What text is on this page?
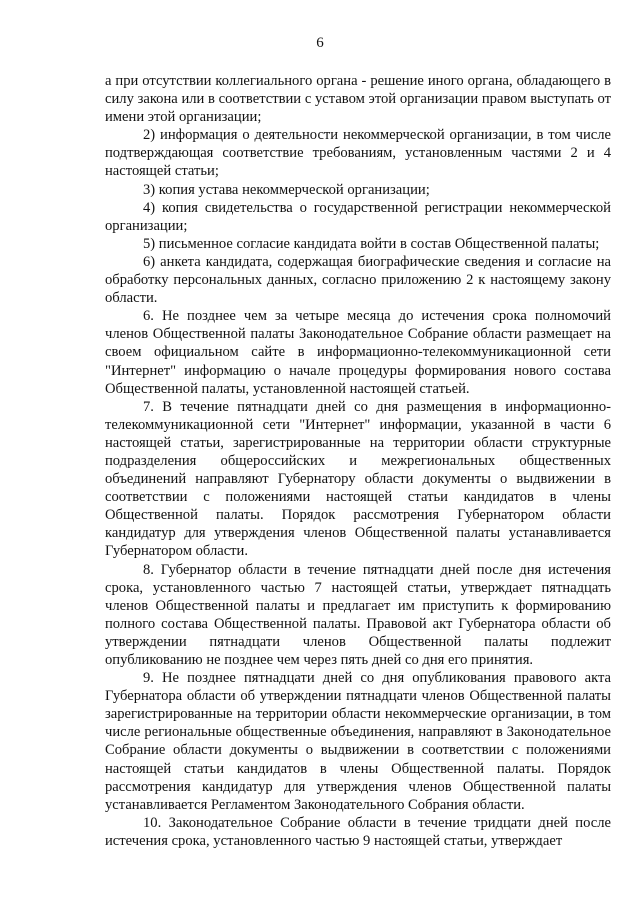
6

а при отсутствии коллегиального органа - решение иного органа, обладающего в силу закона или в соответствии с уставом этой организации правом выступать от имени этой организации;

2) информация о деятельности некоммерческой организации, в том числе подтверждающая соответствие требованиям, установленным частями 2 и 4 настоящей статьи;

3) копия устава некоммерческой организации;

4) копия свидетельства о государственной регистрации некоммерческой организации;

5) письменное согласие кандидата войти в состав Общественной палаты;

6) анкета кандидата, содержащая биографические сведения и согласие на обработку персональных данных, согласно приложению 2 к настоящему закону области.

6. Не позднее чем за четыре месяца до истечения срока полномочий членов Общественной палаты Законодательное Собрание области размещает на своем официальном сайте в информационно-телекоммуникационной сети "Интернет" информацию о начале процедуры формирования нового состава Общественной палаты, установленной настоящей статьей.

7. В течение пятнадцати дней со дня размещения в информационно-телекоммуникационной сети "Интернет" информации, указанной в части 6 настоящей статьи, зарегистрированные на территории области структурные подразделения общероссийских и межрегиональных общественных объединений направляют Губернатору области документы о выдвижении в соответствии с положениями настоящей статьи кандидатов в члены Общественной палаты. Порядок рассмотрения Губернатором области кандидатур для утверждения членов Общественной палаты устанавливается Губернатором области.

8. Губернатор области в течение пятнадцати дней после дня истечения срока, установленного частью 7 настоящей статьи, утверждает пятнадцать членов Общественной палаты и предлагает им приступить к формированию полного состава Общественной палаты. Правовой акт Губернатора области об утверждении пятнадцати членов Общественной палаты подлежит опубликованию не позднее чем через пять дней со дня его принятия.

9. Не позднее пятнадцати дней со дня опубликования правового акта Губернатора области об утверждении пятнадцати членов Общественной палаты зарегистрированные на территории области некоммерческие организации, в том числе региональные общественные объединения, направляют в Законодательное Собрание области документы о выдвижении в соответствии с положениями настоящей статьи кандидатов в члены Общественной палаты. Порядок рассмотрения кандидатур для утверждения членов Общественной палаты устанавливается Регламентом Законодательного Собрания области.

10. Законодательное Собрание области в течение тридцати дней после истечения срока, установленного частью 9 настоящей статьи, утверждает
